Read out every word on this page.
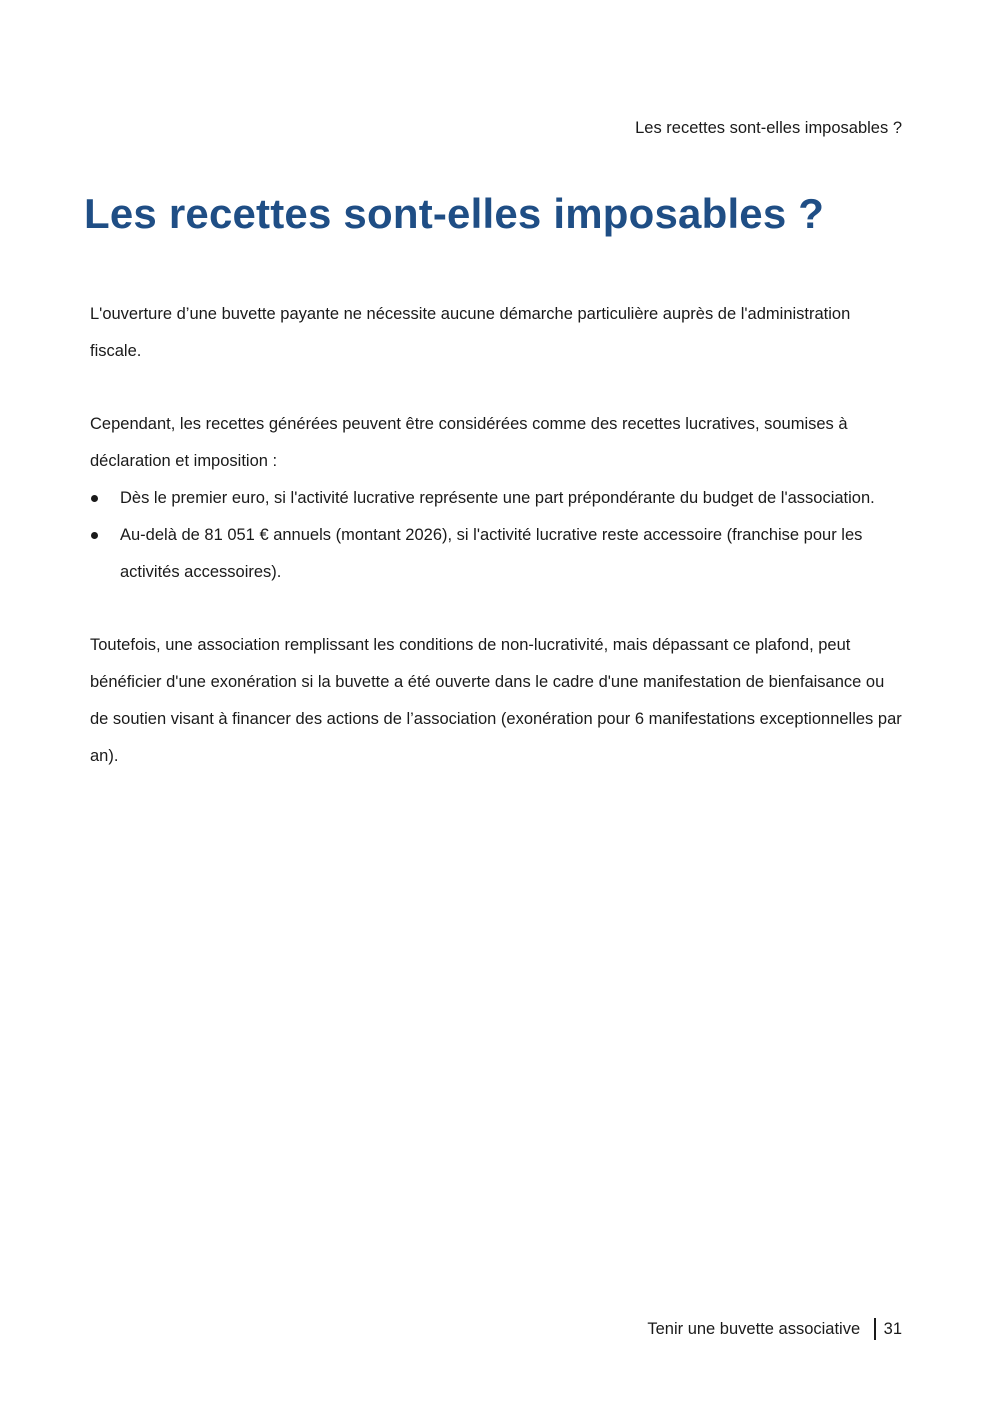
Les recettes sont-elles imposables ?
Les recettes sont-elles imposables ?

L'ouverture d’une buvette payante ne nécessite aucune démarche particulière auprès de l'administration fiscale.

Cependant, les recettes générées peuvent être considérées comme des recettes lucratives, soumises à déclaration et imposition :

Dès le premier euro, si l'activité lucrative représente une part prépondérante du budget de l'association.
Au-delà de 81 051 € annuels (montant 2026), si l'activité lucrative reste accessoire (franchise pour les activités accessoires).

Toutefois, une association remplissant les conditions de non-lucrativité, mais dépassant ce plafond, peut bénéficier d'une exonération si la buvette a été ouverte dans le cadre d'une manifestation de bienfaisance ou de soutien visant à financer des actions de l’association (exonération pour 6 manifestations exceptionnelles par an).

Tenir une buvette associative 31
